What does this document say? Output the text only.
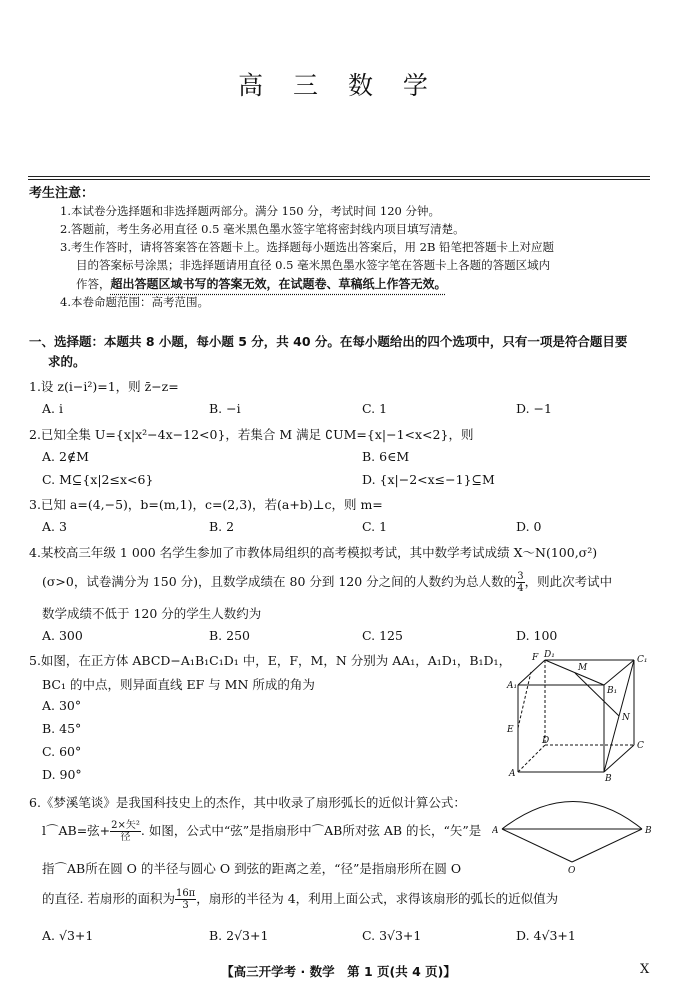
高 三 数 学
考生注意：
1.本试卷分选择题和非选择题两部分。满分 150 分，考试时间 120 分钟。
2.答题前，考生务必用直径 0.5 毫米黑色墨水签字笔将密封线内项目填写清楚。
3.考生作答时，请将答案答在答题卡上。选择题每小题选出答案后，用 2B 铅笔把答题卡上对应题
目的答案标号涂黑；非选择题请用直径 0.5 毫米黑色墨水签字笔在答题卡上各题的答题区域内
作答，超出答题区域书写的答案无效，在试题卷、草稿纸上作答无效。
4.本卷命题范围：高考范围。
一、选择题：本题共 8 小题，每小题 5 分，共 40 分。在每小题给出的四个选项中，只有一项是符合题目要
求的。
1.设 z(i−i²)=1，则 z̄−z=
A. i	B. −i	C. 1	D. −1
2.已知全集 U={x|x²−4x−12<0}，若集合 M 满足 ∁UM={x|−1<x<2}，则
A. 2∉M	B. 6∈M
C. M⊆{x|2≤x<6}	D. {x|−2<x≤−1}⊆M
3.已知 a=(4,−5)，b=(m,1)，c=(2,3)，若(a+b)⊥c，则 m=
A. 3	B. 2	C. 1	D. 0
4.某校高三年级 1 000 名学生参加了市教体局组织的高考模拟考试，其中数学考试成绩 X～N(100,σ²)
(σ>0，试卷满分为 150 分)，且数学成绩在 80 分到 120 分之间的人数约为总人数的 $\frac{3}{4}$ ，则此次考试中
数学成绩不低于 120 分的学生人数约为
A. 300	B. 250	C. 125	D. 100
5.如图，在正方体 ABCD−A₁B₁C₁D₁ 中，E，F，M，N 分别为 AA₁，A₁D₁，B₁D₁，
BC₁ 的中点，则异面直线 EF 与 MN 所成的角为
A. 30°
B. 45°
C. 60°
D. 90°
A₁
F D₁
M
B₁
C₁
E
N
D	C
A	B
6.《梦溪笔谈》是我国科技史上的杰作，其中收录了扇形弧长的近似计算公式：
l⌒AB=弦+ $\frac{\text{2×矢²}}{\text{径}}$ . 如图，公式中“弦”是指扇形中⌒AB所对弦 AB 的长，“矢”是
指⌒AB所在圆 O 的半径与圆心 O 到弦的距离之差，“径”是指扇形所在圆 O
的直径. 若扇形的面积为 $\frac{16\pi}{3}$ ，扇形的半径为 4，利用上面公式，求得该扇形的弧长的近似值为
A. √3+1	B. 2√3+1	C. 3√3+1	D. 4√3+1
A	B
O
【高三开学考 · 数学　第 1 页(共 4 页)】	X
